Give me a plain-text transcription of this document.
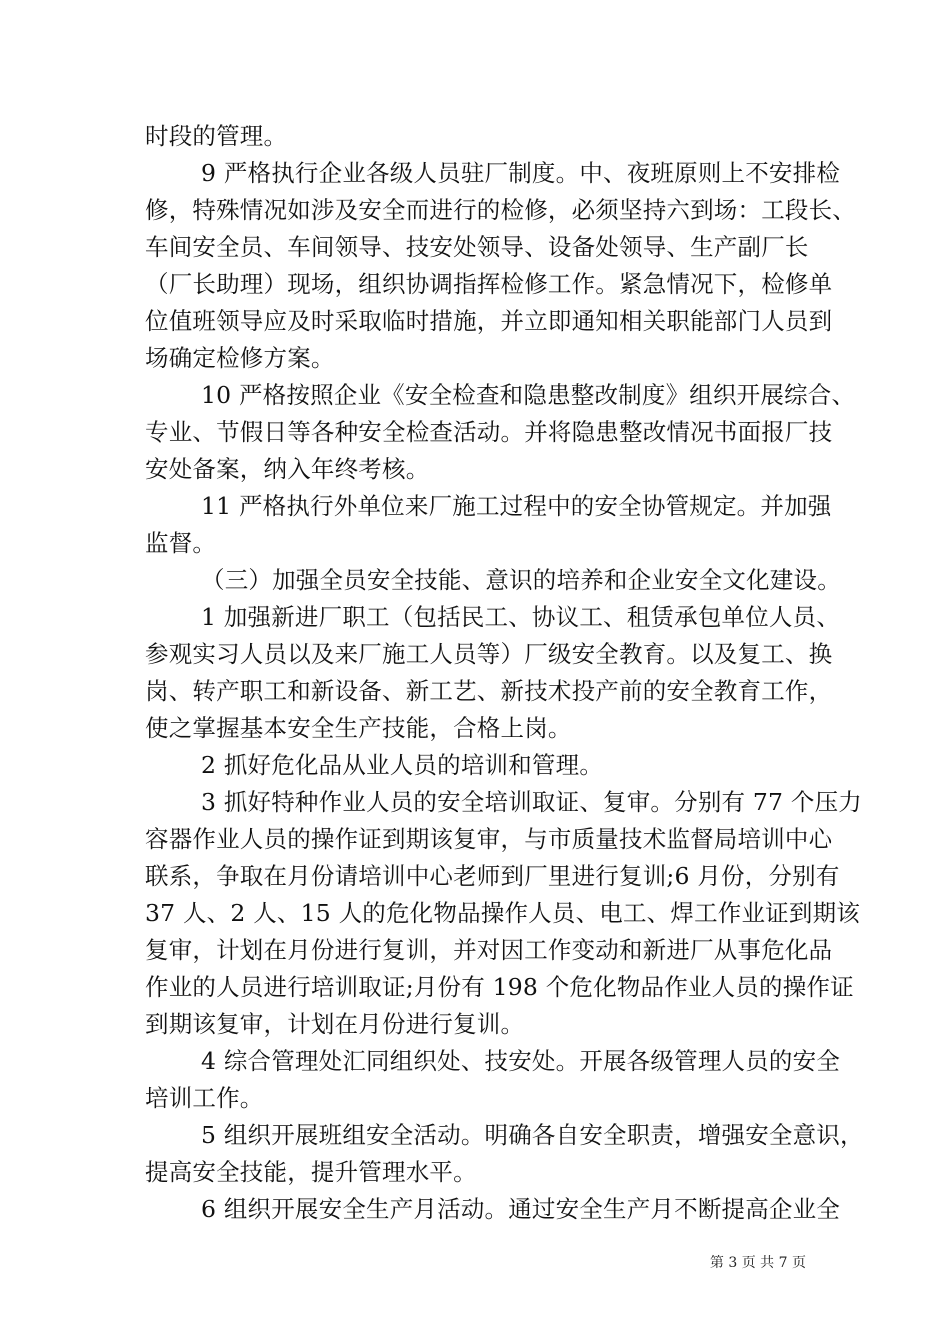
时段的管理。
9 严格执行企业各级人员驻厂制度。中、夜班原则上不安排检
修，特殊情况如涉及安全而进行的检修，必须坚持六到场：工段长、
车间安全员、车间领导、技安处领导、设备处领导、生产副厂长
（厂长助理）现场，组织协调指挥检修工作。紧急情况下，检修单
位值班领导应及时采取临时措施，并立即通知相关职能部门人员到
场确定检修方案。
10 严格按照企业《安全检查和隐患整改制度》组织开展综合、
专业、节假日等各种安全检查活动。并将隐患整改情况书面报厂技
安处备案，纳入年终考核。
11 严格执行外单位来厂施工过程中的安全协管规定。并加强
监督。
（三）加强全员安全技能、意识的培养和企业安全文化建设。
1 加强新进厂职工（包括民工、协议工、租赁承包单位人员、
参观实习人员以及来厂施工人员等）厂级安全教育。以及复工、换
岗、转产职工和新设备、新工艺、新技术投产前的安全教育工作，
使之掌握基本安全生产技能，合格上岗。
2 抓好危化品从业人员的培训和管理。
3 抓好特种作业人员的安全培训取证、复审。分别有 77 个压力
容器作业人员的操作证到期该复审，与市质量技术监督局培训中心
联系，争取在月份请培训中心老师到厂里进行复训;6 月份，分别有
37 人、2 人、15 人的危化物品操作人员、电工、焊工作业证到期该
复审，计划在月份进行复训，并对因工作变动和新进厂从事危化品
作业的人员进行培训取证;月份有 198 个危化物品作业人员的操作证
到期该复审，计划在月份进行复训。
4 综合管理处汇同组织处、技安处。开展各级管理人员的安全
培训工作。
5 组织开展班组安全活动。明确各自安全职责，增强安全意识，
提高安全技能，提升管理水平。
6 组织开展安全生产月活动。通过安全生产月不断提高企业全
第 3 页 共 7 页
